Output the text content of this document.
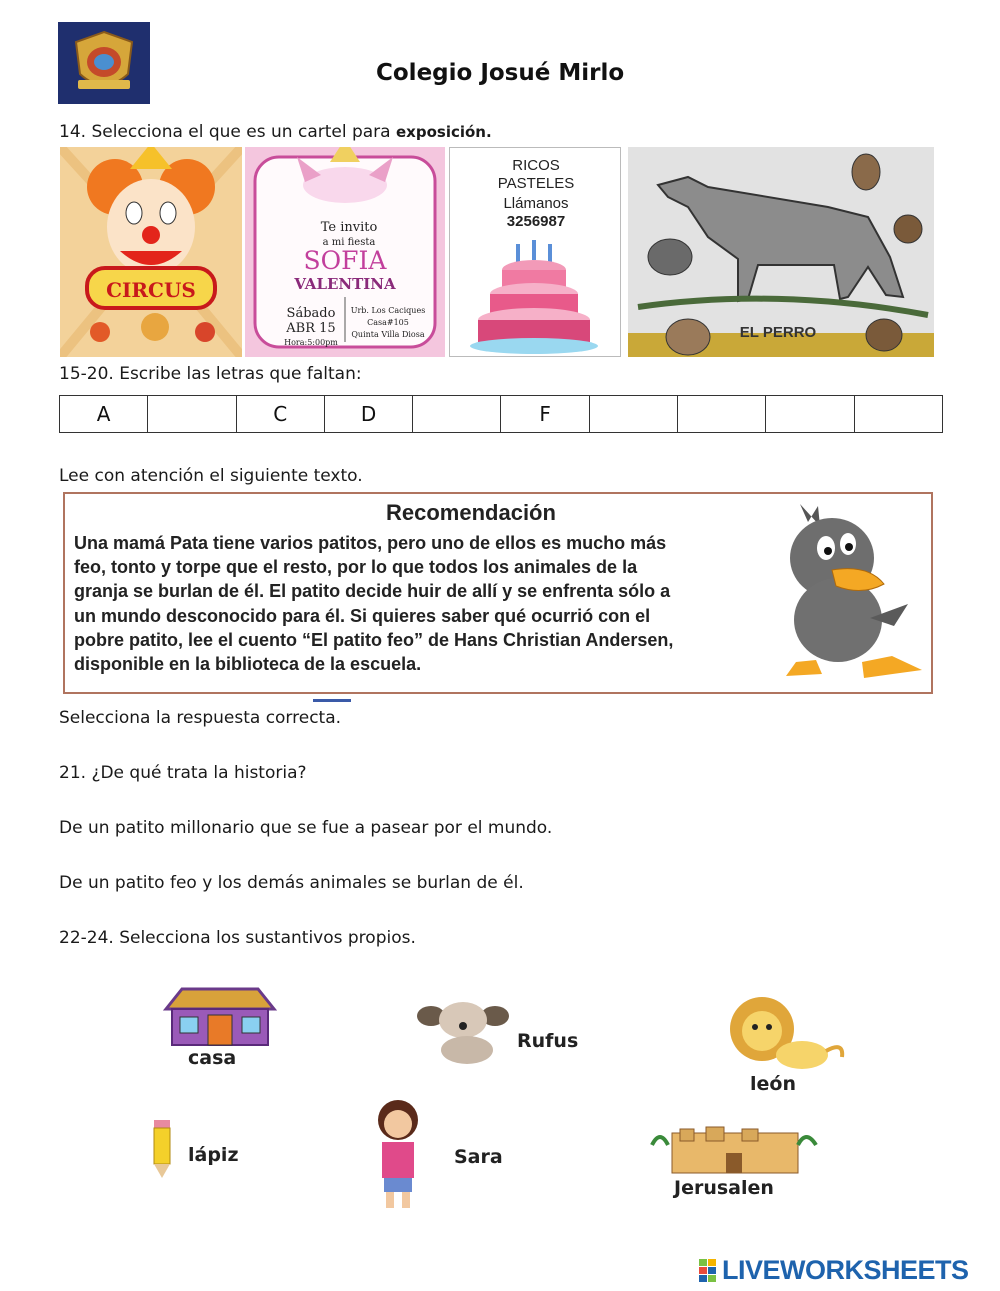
Colegio Josué Mirlo
14. Selecciona el que es un cartel para exposición.
CIRCUS
Te invito
a mi fiesta
SOFIA
VALENTINA
Sábado
ABR 15
Hora:5:00pm
Urb. Los Caciques
Casa#105
Quinta Villa Diosa
RICOS
PASTELES
Llámanos
3256987
EL PERRO
15-20. Escribe las letras que faltan:
A		C	D		F				
Lee con atención el siguiente texto.
Recomendación
Una mamá Pata tiene varios patitos, pero uno de ellos es mucho más
feo, tonto y torpe que el resto, por lo que todos los animales de la
granja se burlan de él. El patito decide huir de allí y se enfrenta sólo a
un mundo desconocido para él. Si quieres saber qué ocurrió con el
pobre patito, lee el cuento “El patito feo” de Hans Christian Andersen,
disponible en la biblioteca de la escuela.
Selecciona la respuesta correcta.
21. ¿De qué trata la historia?
De un patito millonario que se fue a pasear por el mundo.
De un patito feo y los demás animales se burlan de él.
22-24. Selecciona los sustantivos propios.
casa
Rufus
león
lápiz	Sara
Jerusalen
LIVEWORKSHEETS
